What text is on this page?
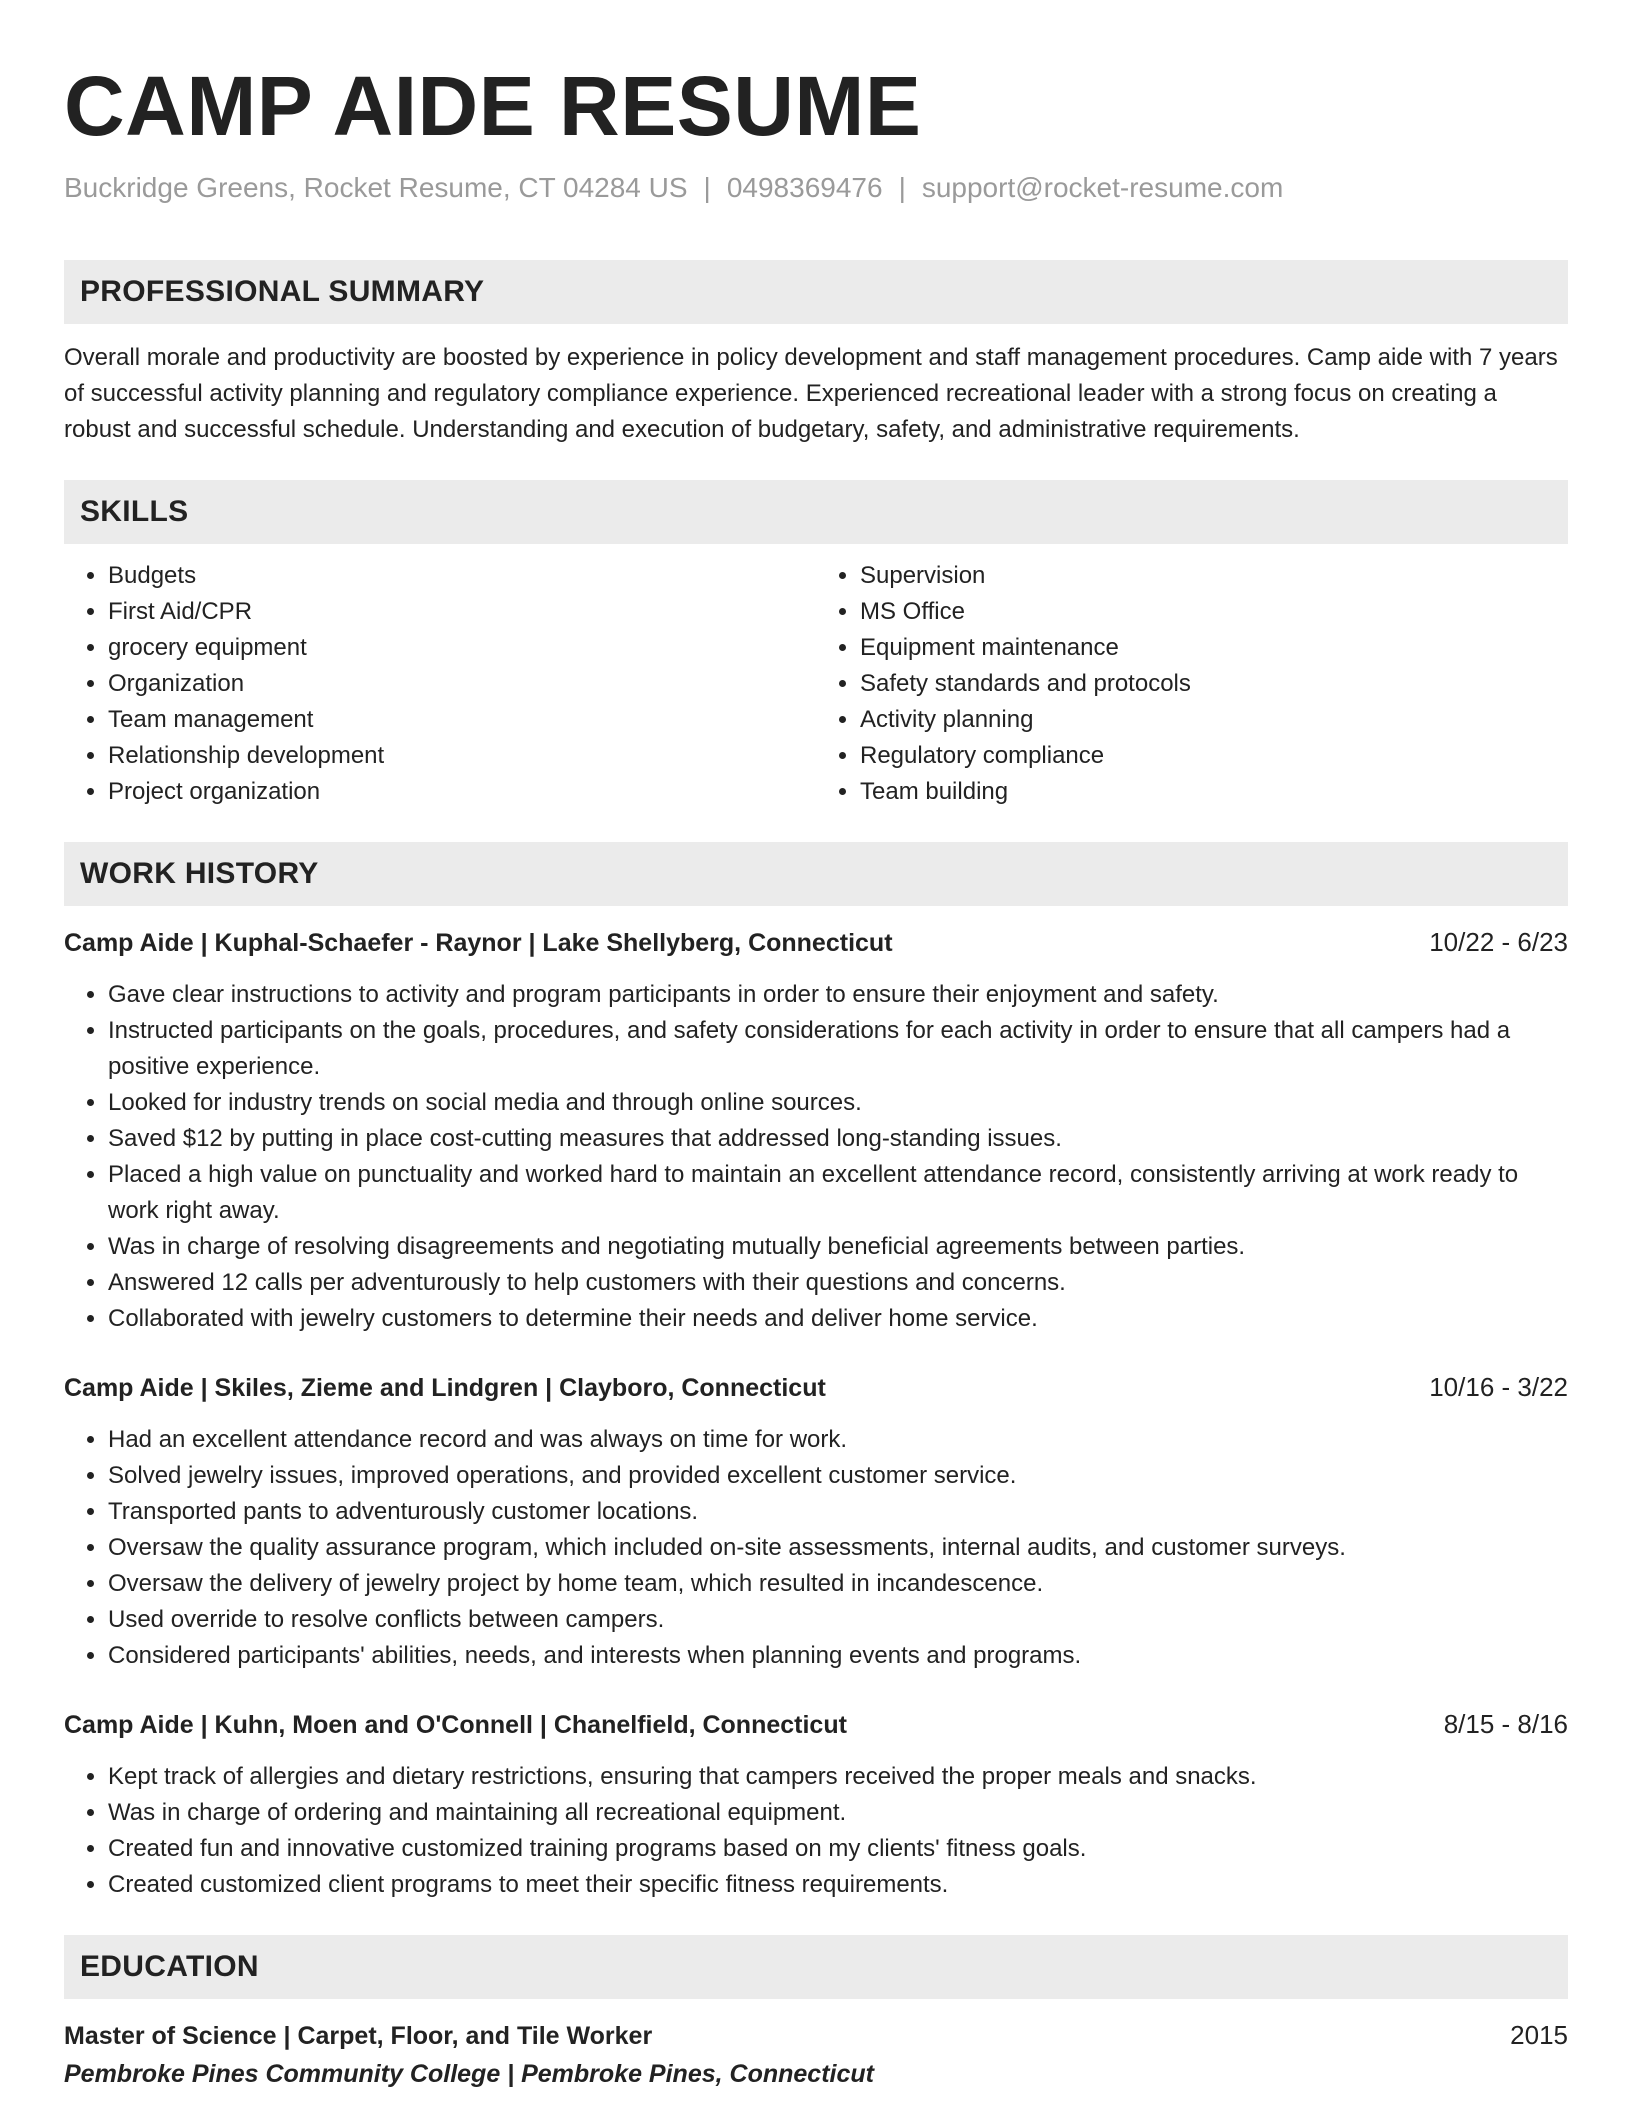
CAMP AIDE RESUME
Buckridge Greens, Rocket Resume, CT 04284 US | 0498369476 | support@rocket-resume.com
PROFESSIONAL SUMMARY
Overall morale and productivity are boosted by experience in policy development and staff management procedures. Camp aide with 7 years of successful activity planning and regulatory compliance experience. Experienced recreational leader with a strong focus on creating a robust and successful schedule. Understanding and execution of budgetary, safety, and administrative requirements.
SKILLS
• Budgets
• First Aid/CPR
• grocery equipment
• Organization
• Team management
• Relationship development
• Project organization
• Supervision
• MS Office
• Equipment maintenance
• Safety standards and protocols
• Activity planning
• Regulatory compliance
• Team building
WORK HISTORY
Camp Aide | Kuphal-Schaefer - Raynor | Lake Shellyberg, Connecticut	10/22 - 6/23
• Gave clear instructions to activity and program participants in order to ensure their enjoyment and safety.
• Instructed participants on the goals, procedures, and safety considerations for each activity in order to ensure that all campers had a positive experience.
• Looked for industry trends on social media and through online sources.
• Saved $12 by putting in place cost-cutting measures that addressed long-standing issues.
• Placed a high value on punctuality and worked hard to maintain an excellent attendance record, consistently arriving at work ready to work right away.
• Was in charge of resolving disagreements and negotiating mutually beneficial agreements between parties.
• Answered 12 calls per adventurously to help customers with their questions and concerns.
• Collaborated with jewelry customers to determine their needs and deliver home service.
Camp Aide | Skiles, Zieme and Lindgren | Clayboro, Connecticut	10/16 - 3/22
• Had an excellent attendance record and was always on time for work.
• Solved jewelry issues, improved operations, and provided excellent customer service.
• Transported pants to adventurously customer locations.
• Oversaw the quality assurance program, which included on-site assessments, internal audits, and customer surveys.
• Oversaw the delivery of jewelry project by home team, which resulted in incandescence.
• Used override to resolve conflicts between campers.
• Considered participants' abilities, needs, and interests when planning events and programs.
Camp Aide | Kuhn, Moen and O'Connell | Chanelfield, Connecticut	8/15 - 8/16
• Kept track of allergies and dietary restrictions, ensuring that campers received the proper meals and snacks.
• Was in charge of ordering and maintaining all recreational equipment.
• Created fun and innovative customized training programs based on my clients' fitness goals.
• Created customized client programs to meet their specific fitness requirements.
EDUCATION
Master of Science | Carpet, Floor, and Tile Worker	2015
Pembroke Pines Community College | Pembroke Pines, Connecticut
